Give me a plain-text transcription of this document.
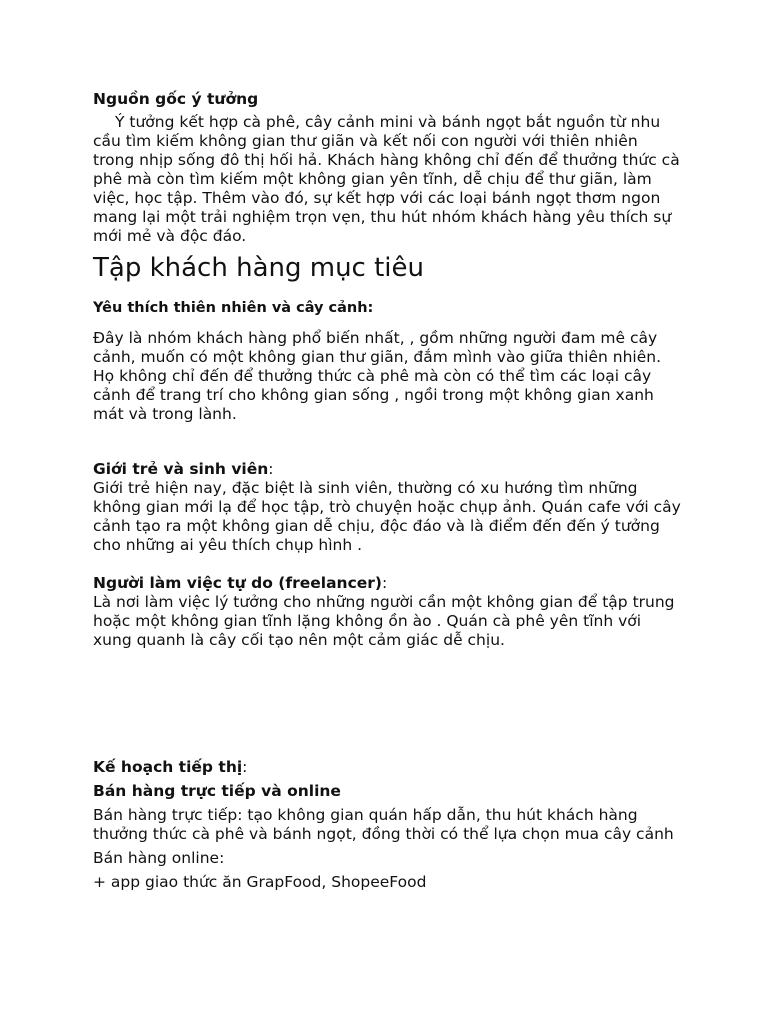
Nguồn gốc ý tưởng

Ý tưởng kết hợp cà phê, cây cảnh mini và bánh ngọt bắt nguồn từ nhu cầu tìm kiếm không gian thư giãn và kết nối con người với thiên nhiên trong nhịp sống đô thị hối hả. Khách hàng không chỉ đến để thưởng thức cà phê mà còn tìm kiếm một không gian yên tĩnh, dễ chịu để thư giãn, làm việc, học tập. Thêm vào đó, sự kết hợp với các loại bánh ngọt thơm ngon mang lại một trải nghiệm trọn vẹn, thu hút nhóm khách hàng yêu thích sự mới mẻ và độc đáo.

Tập khách hàng mục tiêu

Yêu thích thiên nhiên và cây cảnh:

Đây là nhóm khách hàng phổ biến nhất, , gồm những người đam mê cây cảnh, muốn có một không gian thư giãn, đắm mình vào giữa thiên nhiên. Họ không chỉ đến để thưởng thức cà phê mà còn có thể tìm các loại cây cảnh để trang trí cho không gian sống , ngồi trong một không gian xanh mát và trong lành.

Giới trẻ và sinh viên:

Giới trẻ hiện nay, đặc biệt là sinh viên, thường có xu hướng tìm những không gian mới lạ để học tập, trò chuyện hoặc chụp ảnh. Quán cafe với cây cảnh tạo ra một không gian dễ chịu, độc đáo và là điểm đến đến ý tưởng cho những ai yêu thích chụp hình .

Người làm việc tự do (freelancer):

Là nơi làm việc lý tưởng cho những người cần một không gian để tập trung hoặc một không gian tĩnh lặng không ồn ào . Quán cà phê yên tĩnh với xung quanh là cây cối tạo nên một cảm giác dễ chịu.

Kế hoạch tiếp thị:

Bán hàng trực tiếp và online

Bán hàng trực tiếp: tạo không gian quán hấp dẫn, thu hút khách hàng thưởng thức cà phê và bánh ngọt, đồng thời có thể lựa chọn mua cây cảnh

Bán hàng online:

+ app giao thức ăn GrapFood, ShopeeFood
